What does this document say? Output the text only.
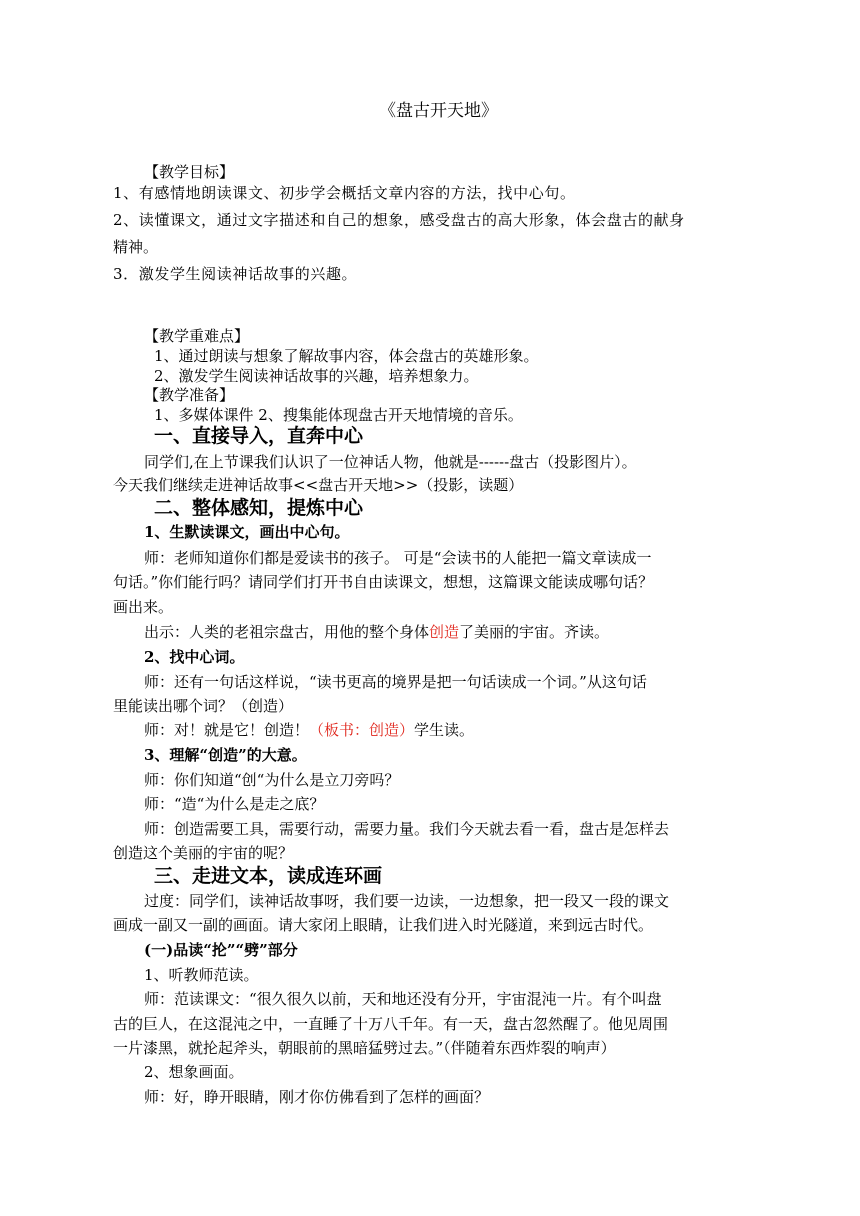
《盘古开天地》
【教学目标】
1、有感情地朗读课文、初步学会概括文章内容的方法，找中心句。
2、读懂课文，通过文字描述和自己的想象，感受盘古的高大形象，体会盘古的献身
精神。
3．激发学生阅读神话故事的兴趣。
【教学重难点】
1、通过朗读与想象了解故事内容，体会盘古的英雄形象。
2、激发学生阅读神话故事的兴趣，培养想象力。
【教学准备】
1、多媒体课件 2、搜集能体现盘古开天地情境的音乐。
一、直接导入，直奔中心
同学们,在上节课我们认识了一位神话人物，他就是------盘古（投影图片）。
今天我们继续走进神话故事<<盘古开天地>>（投影，读题）
二、整体感知，提炼中心
1、生默读课文，画出中心句。
师：老师知道你们都是爱读书的孩子。 可是“会读书的人能把一篇文章读成一
句话。”你们能行吗？请同学们打开书自由读课文，想想，这篇课文能读成哪句话？
画出来。
出示：人类的老祖宗盘古，用他的整个身体创造了美丽的宇宙。齐读。
2、找中心词。
师：还有一句话这样说，“读书更高的境界是把一句话读成一个词。”从这句话
里能读出哪个词？（创造）
师：对！就是它！创造！（板书：创造）学生读。
3、理解“创造”的大意。
师：你们知道“创“为什么是立刀旁吗？
师：“造“为什么是走之底？
师：创造需要工具，需要行动，需要力量。我们今天就去看一看，盘古是怎样去
创造这个美丽的宇宙的呢？
三、走进文本，读成连环画
过度：同学们，读神话故事呀，我们要一边读，一边想象，把一段又一段的课文
画成一副又一副的画面。请大家闭上眼睛，让我们进入时光隧道，来到远古时代。
(一)品读“抡”“劈”部分
1、听教师范读。
师：范读课文：“很久很久以前，天和地还没有分开，宇宙混沌一片。有个叫盘
古的巨人，在这混沌之中，一直睡了十万八千年。有一天，盘古忽然醒了。他见周围
一片漆黑，就抡起斧头，朝眼前的黑暗猛劈过去。”（伴随着东西炸裂的响声）
2、想象画面。
师：好，睁开眼睛，刚才你仿佛看到了怎样的画面？
